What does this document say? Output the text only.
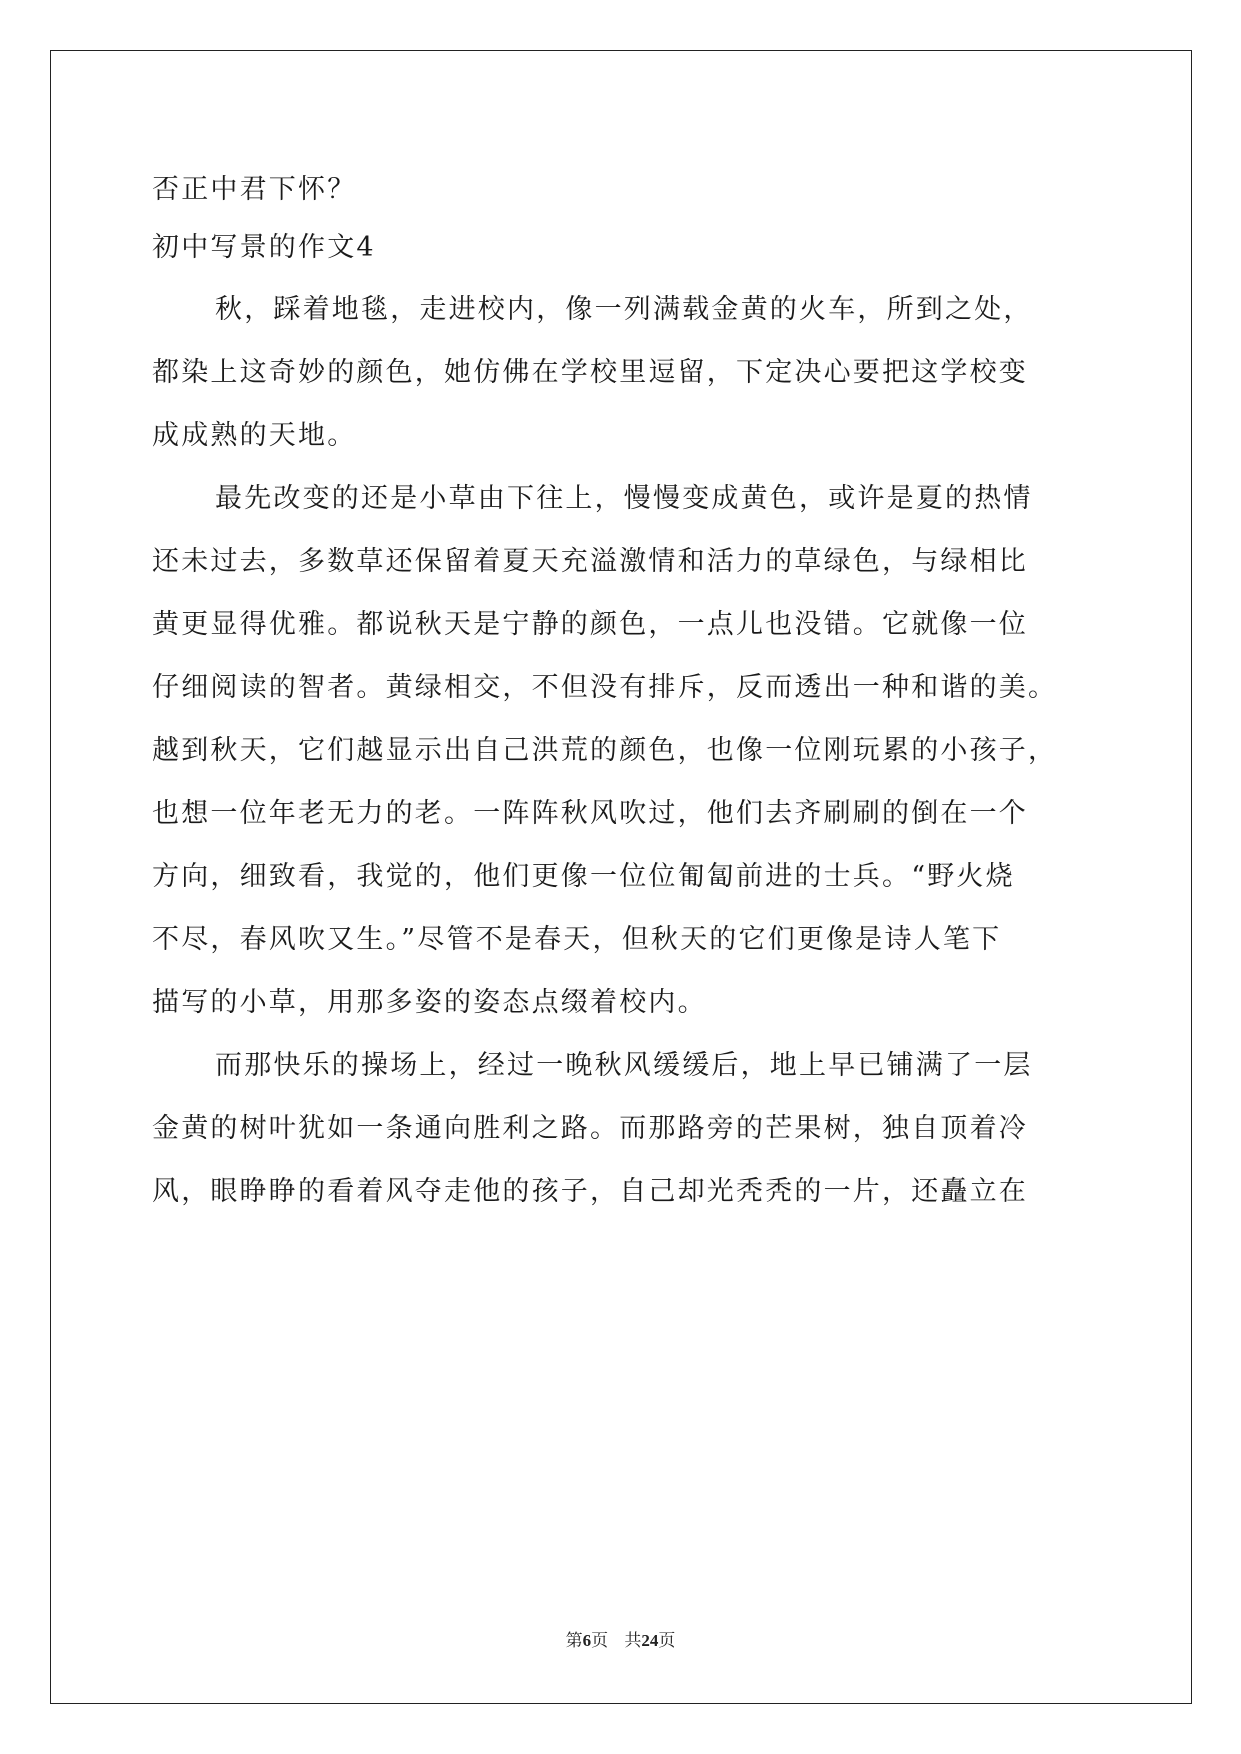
否正中君下怀？
初中写景的作文4
秋，踩着地毯，走进校内，像一列满载金黄的火车，所到之处，
都染上这奇妙的颜色，她仿佛在学校里逗留，下定决心要把这学校变
成成熟的天地。
最先改变的还是小草由下往上，慢慢变成黄色，或许是夏的热情
还未过去，多数草还保留着夏天充溢激情和活力的草绿色，与绿相比
黄更显得优雅。都说秋天是宁静的颜色，一点儿也没错。它就像一位
仔细阅读的智者。黄绿相交，不但没有排斥，反而透出一种和谐的美。
越到秋天，它们越显示出自己洪荒的颜色，也像一位刚玩累的小孩子，
也想一位年老无力的老。一阵阵秋风吹过，他们去齐刷刷的倒在一个
方向，细致看，我觉的，他们更像一位位匍匐前进的士兵。“野火烧
不尽，春风吹又生。”尽管不是春天，但秋天的它们更像是诗人笔下
描写的小草，用那多姿的姿态点缀着校内。
而那快乐的操场上，经过一晚秋风缓缓后，地上早已铺满了一层
金黄的树叶犹如一条通向胜利之路。而那路旁的芒果树，独自顶着冷
风，眼睁睁的看着风夺走他的孩子，自己却光秃秃的一片，还矗立在
第6页 共24页
